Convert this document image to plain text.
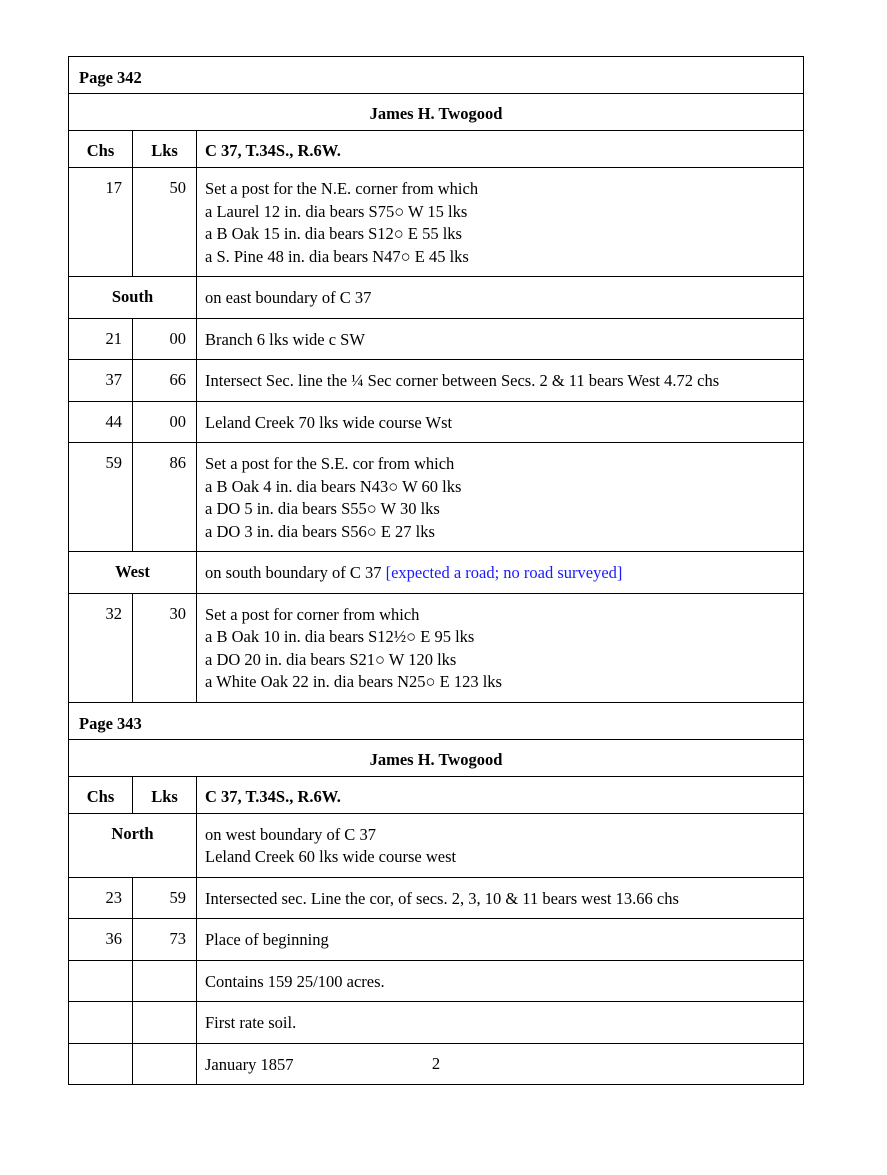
Page 342		
James H. Twogood		
Chs	Lks	C 37, T.34S., R.6W.
17	50	Set a post for the N.E. corner from which
a Laurel 12 in. dia bears S75○ W 15 lks
a B Oak 15 in. dia bears S12○ E 55 lks
a S. Pine 48 in. dia bears N47○ E 45 lks

South		on east boundary of C 37
21	00	Branch 6 lks wide c SW
37	66	Intersect Sec. line the ¼ Sec corner between Secs. 2 & 11 bears West 4.72 chs

44	00	Leland Creek 70 lks wide course Wst
59	86	Set a post for the S.E. cor from which
a B Oak 4 in. dia bears N43○ W 60 lks
a DO 5 in. dia bears S55○ W 30 lks
a DO 3 in. dia bears S56○ E 27 lks

West		on south boundary of C 37 [expected a road; no road surveyed]
32	30	Set a post for corner from which
a B Oak 10 in. dia bears S12½○ E 95 lks
a DO 20 in. dia bears S21○ W 120 lks
a White Oak 22 in. dia bears N25○ E 123 lks

Page 343		
James H. Twogood		
Chs	Lks	C 37, T.34S., R.6W.
North		on west boundary of C 37
Leland Creek 60 lks wide course west

23	59	Intersected sec. Line the cor, of secs. 2, 3, 10 & 11 bears west 13.66 chs

36	73	Place of beginning
		Contains 159 25/100 acres.
		First rate soil.
		January 1857	2
